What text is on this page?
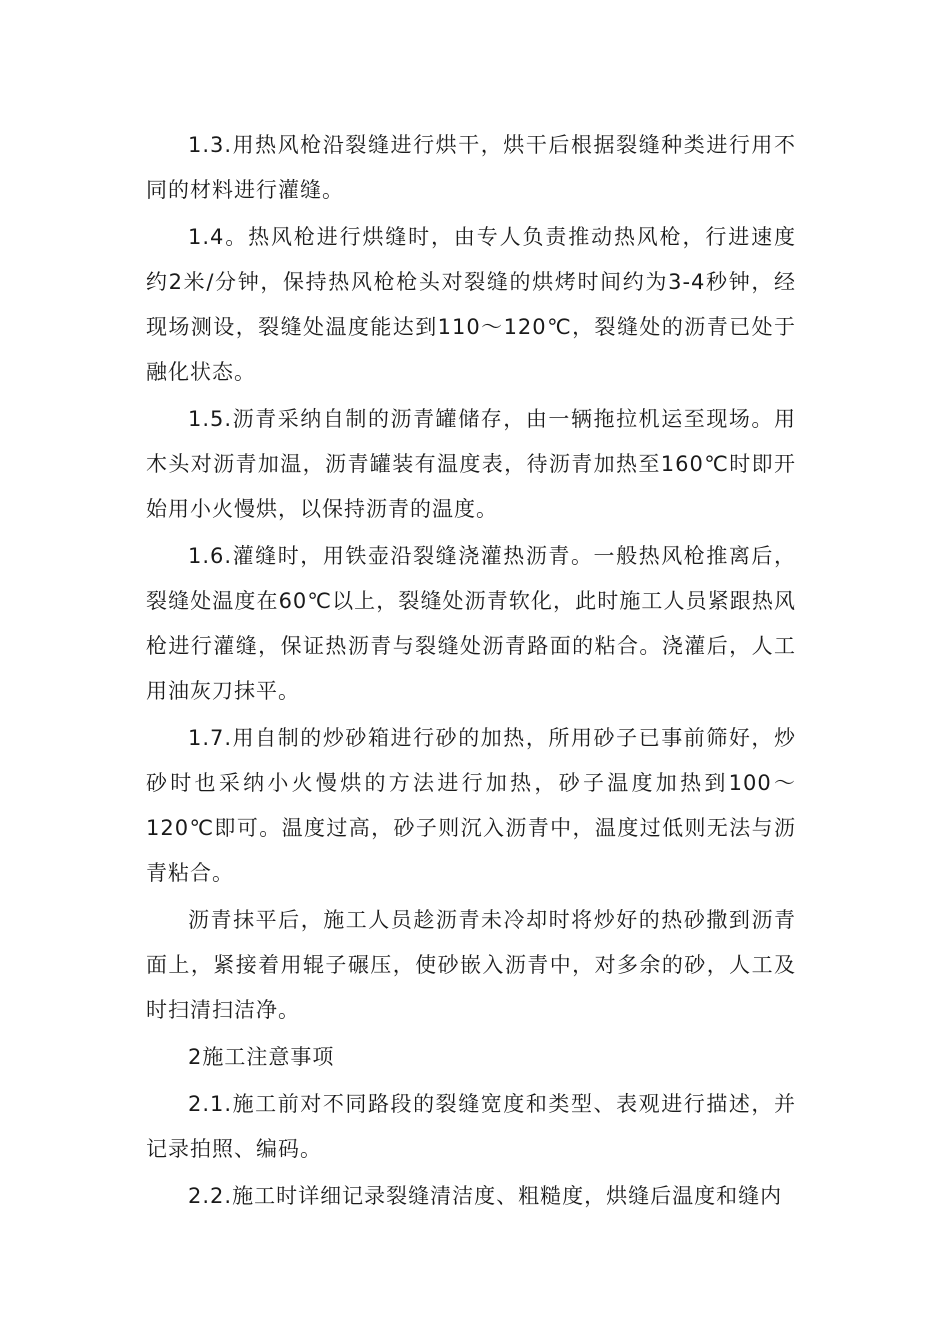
1.3.用热风枪沿裂缝进行烘干，烘干后根据裂缝种类进行用不同的材料进行灌缝。

1.4。热风枪进行烘缝时，由专人负责推动热风枪，行进速度约2米/分钟，保持热风枪枪头对裂缝的烘烤时间约为3-4秒钟，经现场测设，裂缝处温度能达到110～120℃，裂缝处的沥青已处于融化状态。

1.5.沥青采纳自制的沥青罐储存，由一辆拖拉机运至现场。用木头对沥青加温，沥青罐装有温度表，待沥青加热至160℃时即开始用小火慢烘，以保持沥青的温度。

1.6.灌缝时，用铁壶沿裂缝浇灌热沥青。一般热风枪推离后，裂缝处温度在60℃以上，裂缝处沥青软化，此时施工人员紧跟热风枪进行灌缝，保证热沥青与裂缝处沥青路面的粘合。浇灌后，人工用油灰刀抹平。

1.7.用自制的炒砂箱进行砂的加热，所用砂子已事前筛好，炒砂时也采纳小火慢烘的方法进行加热，砂子温度加热到100～120℃即可。温度过高，砂子则沉入沥青中，温度过低则无法与沥青粘合。

沥青抹平后，施工人员趁沥青未冷却时将炒好的热砂撒到沥青面上，紧接着用辊子碾压，使砂嵌入沥青中，对多余的砂，人工及时扫清扫洁净。

2施工注意事项

2.1.施工前对不同路段的裂缝宽度和类型、表观进行描述，并记录拍照、编码。

2.2.施工时详细记录裂缝清洁度、粗糙度，烘缝后温度和缝内
